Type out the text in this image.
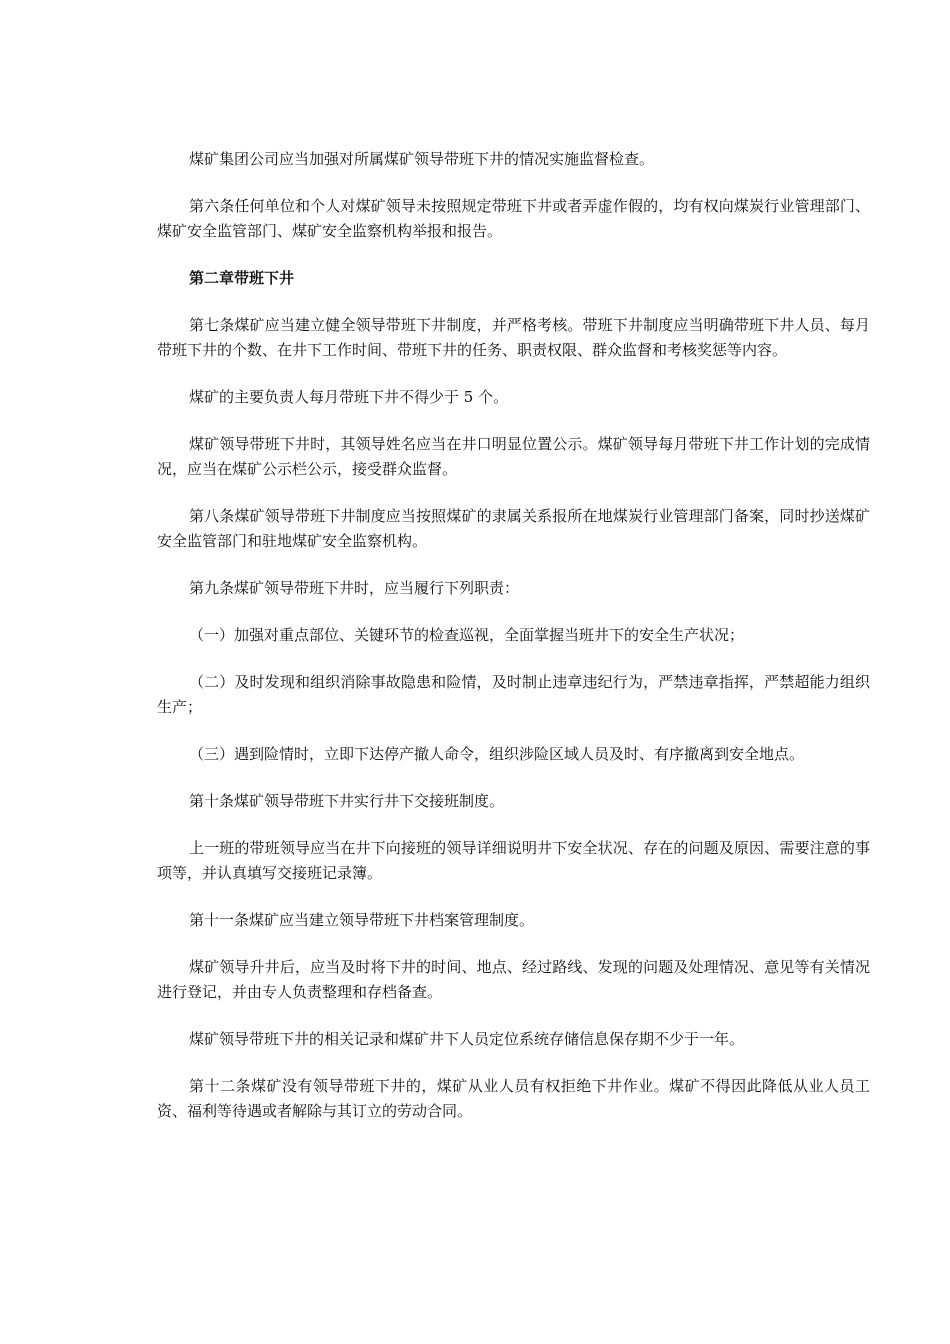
煤矿集团公司应当加强对所属煤矿领导带班下井的情况实施监督检查。

第六条任何单位和个人对煤矿领导未按照规定带班下井或者弄虚作假的，均有权向煤炭行业管理部门、煤矿安全监管部门、煤矿安全监察机构举报和报告。

第二章带班下井

第七条煤矿应当建立健全领导带班下井制度，并严格考核。带班下井制度应当明确带班下井人员、每月带班下井的个数、在井下工作时间、带班下井的任务、职责权限、群众监督和考核奖惩等内容。

煤矿的主要负责人每月带班下井不得少于 5 个。

煤矿领导带班下井时，其领导姓名应当在井口明显位置公示。煤矿领导每月带班下井工作计划的完成情况，应当在煤矿公示栏公示，接受群众监督。

第八条煤矿领导带班下井制度应当按照煤矿的隶属关系报所在地煤炭行业管理部门备案，同时抄送煤矿安全监管部门和驻地煤矿安全监察机构。

第九条煤矿领导带班下井时，应当履行下列职责：

（一）加强对重点部位、关键环节的检查巡视，全面掌握当班井下的安全生产状况；

（二）及时发现和组织消除事故隐患和险情，及时制止违章违纪行为，严禁违章指挥，严禁超能力组织生产；

（三）遇到险情时，立即下达停产撤人命令，组织涉险区域人员及时、有序撤离到安全地点。

第十条煤矿领导带班下井实行井下交接班制度。

上一班的带班领导应当在井下向接班的领导详细说明井下安全状况、存在的问题及原因、需要注意的事项等，并认真填写交接班记录簿。

第十一条煤矿应当建立领导带班下井档案管理制度。

煤矿领导升井后，应当及时将下井的时间、地点、经过路线、发现的问题及处理情况、意见等有关情况进行登记，并由专人负责整理和存档备查。

煤矿领导带班下井的相关记录和煤矿井下人员定位系统存储信息保存期不少于一年。

第十二条煤矿没有领导带班下井的，煤矿从业人员有权拒绝下井作业。煤矿不得因此降低从业人员工资、福利等待遇或者解除与其订立的劳动合同。
